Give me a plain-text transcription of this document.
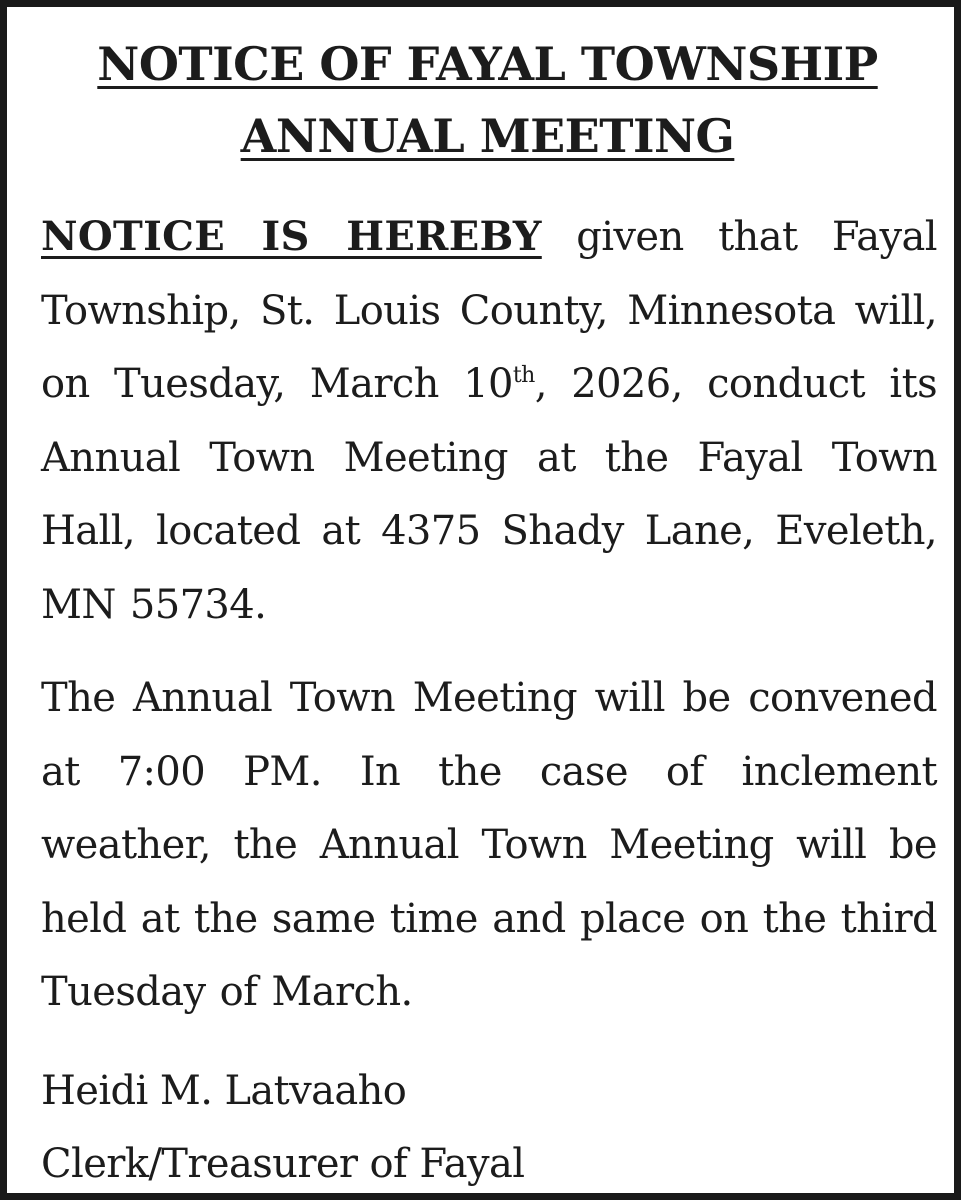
NOTICE OF FAYAL TOWNSHIP
ANNUAL MEETING
NOTICE IS HEREBY given that Fayal Township, St. Louis County, Minnesota will, on Tuesday, March 10th, 2026, conduct its Annual Town Meeting at the Fayal Town Hall, located at 4375 Shady Lane, Eveleth, MN 55734.
The Annual Town Meeting will be convened at 7:00 PM. In the case of inclement weather, the Annual Town Meeting will be held at the same time and place on the third Tuesday of March.
Heidi M. Latvaaho
Clerk/Treasurer of Fayal
